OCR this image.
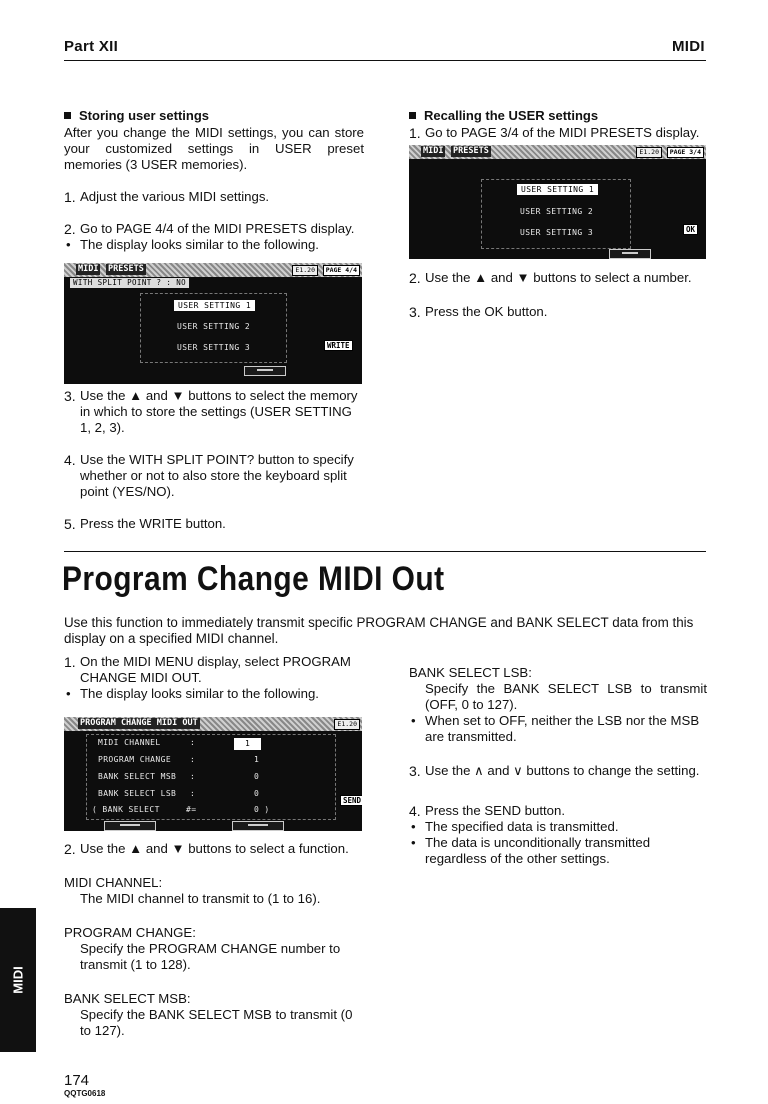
Part XII	MIDI

Storing user settings

After you change the MIDI settings, you can store your customized settings in USER preset memories (3 USER memories).

1. Adjust the various MIDI settings.
2. Go to PAGE 4/4 of the MIDI PRESETS display.
• The display looks similar to the following.
MIDI PRESETS	E1.20	PAGE 4/4
WITH SPLIT POINT ? : NO
USER SETTING 1
USER SETTING 2
USER SETTING 3	WRITE
3. Use the ▲ and ▼ buttons to select the memory in which to store the settings (USER SETTING 1, 2, 3).
4. Use the WITH SPLIT POINT? button to specify whether or not to also store the keyboard split point (YES/NO).
5. Press the WRITE button.

Recalling the USER settings

1. Go to PAGE 3/4 of the MIDI PRESETS display.
MIDI PRESETS	E1.20	PAGE 3/4
USER SETTING 1
USER SETTING 2
USER SETTING 3	OK
2. Use the ▲ and ▼ buttons to select a number.
3. Press the OK button.
Program Change MIDI Out
Use this function to immediately transmit specific PROGRAM CHANGE and BANK SELECT data from this display on a specified MIDI channel.
1. On the MIDI MENU display, select PROGRAM CHANGE MIDI OUT.
• The display looks similar to the following.
PROGRAM CHANGE MIDI OUT	E1.20
MIDI CHANNEL	:	1
PROGRAM CHANGE :	1
BANK SELECT MSB :	0
BANK SELECT LSB :	0
( BANK SELECT	#=	0 )
SEND
2. Use the ▲ and ▼ buttons to select a function.

MIDI CHANNEL:

The MIDI channel to transmit to (1 to 16).

PROGRAM CHANGE:

Specify the PROGRAM CHANGE number to transmit (1 to 128).

BANK SELECT MSB:

Specify the BANK SELECT MSB to transmit (0 to 127).

BANK SELECT LSB:

Specify the BANK SELECT LSB to transmit (OFF, 0 to 127).

• When set to OFF, neither the LSB nor the MSB are transmitted.
3. Use the ∧ and ∨ buttons to change the setting.
4. Press the SEND button.
• The specified data is transmitted.
• The data is unconditionally transmitted regardless of the other settings.
MIDI
174
QQTG0618
